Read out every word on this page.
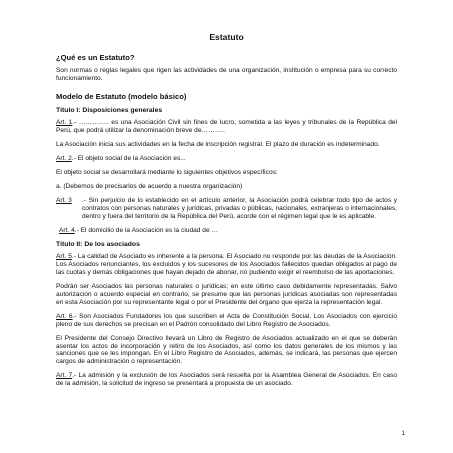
Estatuto
¿Qué es un Estatuto?

Son normas o reglas legales que rigen las actividades de una organización, institución o empresa para su correcto funcionamiento.

Modelo de Estatuto (modelo básico)
Título I: Disposiciones generales

Art. 1.- ………….. es una Asociación Civil sin fines de lucro, sometida a las leyes y tribunales de la República del Perú, que podrá utilizar la denominación breve de………..

La Asociación inicia sus actividades en la fecha de inscripción registral. El plazo de duración es indeterminado.

Art. 2.- El objeto social de la Asociación es...

El objeto social se desarrollará mediante lo siguientes objetivos específicos:

a. (Debemos de precisarlos de acuerdo a nuestra organización)

Art. 3	.- Sin perjuicio de lo establecido en el artículo anterior, la Asociación podrá celebrar todo tipo de actos y contratos con personas naturales y jurídicas, privadas o públicas, nacionales, extranjeras o internacionales, dentro y fuera del territorio de la República del Perú, acorde con el régimen legal que le es aplicable.

Art. 4.- El domicilio de la Asociación es la ciudad de …

Título II: De los asociados

Art. 5.- La calidad de Asociado es inherente a la persona. El Asociado no responde por las deudas de la Asociación. Los Asociados renunciantes, los excluidos y los sucesores de los Asociados fallecidos quedan obligados al pago de las cuotas y demás obligaciones que hayan dejado de abonar, no pudiendo exigir el reembolso de las aportaciones.

Podrán ser Asociados las personas naturales o jurídicas; en este último caso debidamente representadas. Salvo autorización o acuerdo especial en contrario, se presume que las personas jurídicas asociadas son representadas en esta Asociación por su representante legal o por el Presidente del órgano que ejerza la representación legal.

Art. 6.- Son Asociados Fundadores los que suscriben el Acta de Constitución Social. Los Asociados con ejercicio pleno de sus derechos se precisan en el Padrón consolidado del Libro Registro de Asociados.

El Presidente del Consejo Directivo llevará un Libro de Registro de Asociados actualizado en el que se deberán asentar los actos de incorporación y retiro de los Asociados, así como los datos generales de los mismos y las sanciones que se les impongan. En el Libro Registro de Asociados, además, se indicará, las personas que ejercen cargos de administración o representación.

Art. 7.- La admisión y la exclusión de los Asociados será resuelta por la Asamblea General de Asociados. En caso de la admisión, la solicitud de ingreso se presentará a propuesta de un asociado.

1
